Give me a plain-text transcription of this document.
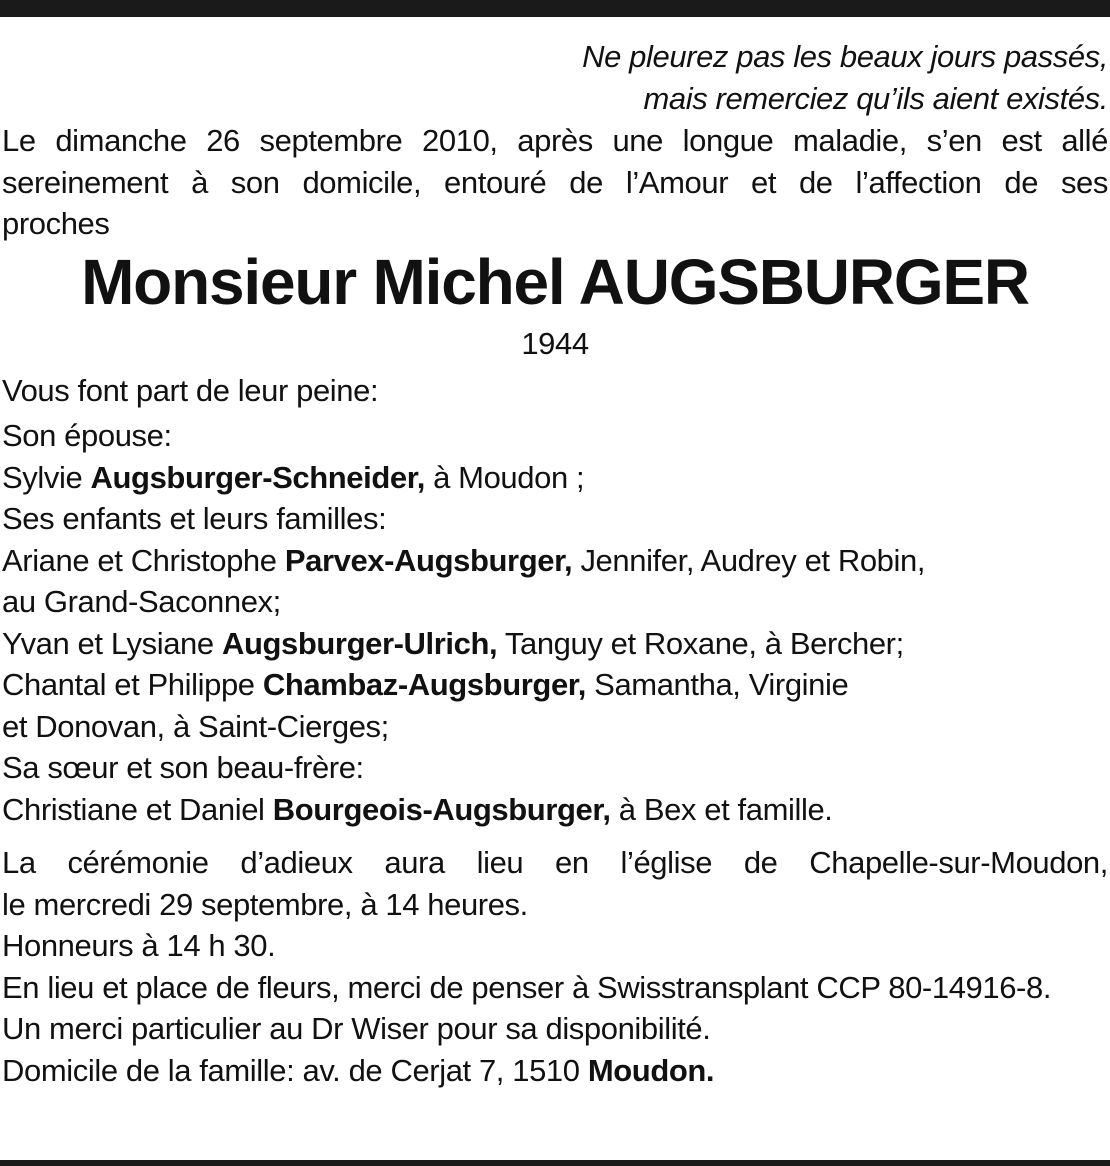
Ne pleurez pas les beaux jours passés,
mais remerciez qu’ils aient existés.

Le dimanche 26 septembre 2010, après une longue maladie, s’en est allé
sereinement à son domicile, entouré de l’Amour et de l’affection de ses
proches

Monsieur Michel AUGSBURGER

1944

Vous font part de leur peine:

Son épouse:
Sylvie Augsburger-Schneider, à Moudon ;
Ses enfants et leurs familles:
Ariane et Christophe Parvex-Augsburger, Jennifer, Audrey et Robin,
au Grand-Saconnex;
Yvan et Lysiane Augsburger-Ulrich, Tanguy et Roxane, à Bercher;
Chantal et Philippe Chambaz-Augsburger, Samantha, Virginie
et Donovan, à Saint-Cierges;
Sa sœur et son beau-frère:
Christiane et Daniel Bourgeois-Augsburger, à Bex et famille.
La cérémonie d’adieux aura lieu en l’église de Chapelle-sur-Moudon,
le mercredi 29 septembre, à 14 heures.
Honneurs à 14 h 30.
En lieu et place de fleurs, merci de penser à Swisstransplant CCP 80-14916-8.
Un merci particulier au Dr Wiser pour sa disponibilité.
Domicile de la famille: av. de Cerjat 7, 1510 Moudon.
